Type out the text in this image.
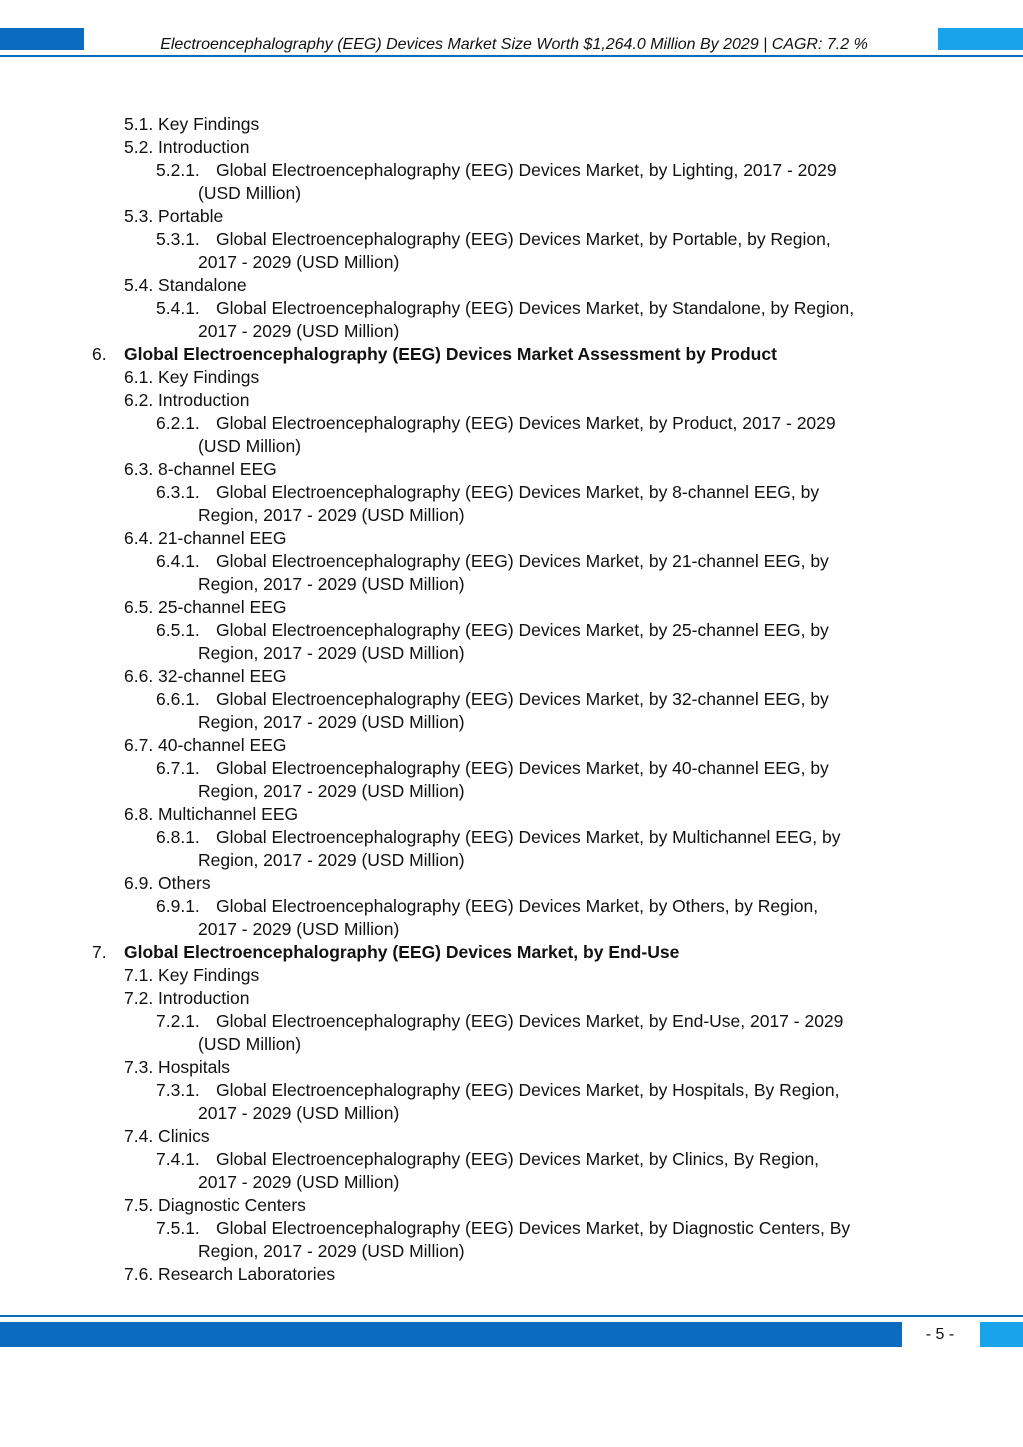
Electroencephalography (EEG) Devices Market Size Worth $1,264.0 Million By 2029 | CAGR: 7.2 %
5.1. Key Findings
5.2. Introduction
5.2.1. Global Electroencephalography (EEG) Devices Market, by Lighting, 2017 - 2029
(USD Million)
5.3. Portable
5.3.1. Global Electroencephalography (EEG) Devices Market, by Portable, by Region,
2017 - 2029 (USD Million)
5.4. Standalone
5.4.1. Global Electroencephalography (EEG) Devices Market, by Standalone, by Region,
2017 - 2029 (USD Million)
6. Global Electroencephalography (EEG) Devices Market Assessment by Product
6.1. Key Findings
6.2. Introduction
6.2.1. Global Electroencephalography (EEG) Devices Market, by Product, 2017 - 2029
(USD Million)
6.3. 8-channel EEG
6.3.1. Global Electroencephalography (EEG) Devices Market, by 8-channel EEG, by
Region, 2017 - 2029 (USD Million)
6.4. 21-channel EEG
6.4.1. Global Electroencephalography (EEG) Devices Market, by 21-channel EEG, by
Region, 2017 - 2029 (USD Million)
6.5. 25-channel EEG
6.5.1. Global Electroencephalography (EEG) Devices Market, by 25-channel EEG, by
Region, 2017 - 2029 (USD Million)
6.6. 32-channel EEG
6.6.1. Global Electroencephalography (EEG) Devices Market, by 32-channel EEG, by
Region, 2017 - 2029 (USD Million)
6.7. 40-channel EEG
6.7.1. Global Electroencephalography (EEG) Devices Market, by 40-channel EEG, by
Region, 2017 - 2029 (USD Million)
6.8. Multichannel EEG
6.8.1. Global Electroencephalography (EEG) Devices Market, by Multichannel EEG, by
Region, 2017 - 2029 (USD Million)
6.9. Others
6.9.1. Global Electroencephalography (EEG) Devices Market, by Others, by Region,
2017 - 2029 (USD Million)
7. Global Electroencephalography (EEG) Devices Market, by End-Use
7.1. Key Findings
7.2. Introduction
7.2.1. Global Electroencephalography (EEG) Devices Market, by End-Use, 2017 - 2029
(USD Million)
7.3. Hospitals
7.3.1. Global Electroencephalography (EEG) Devices Market, by Hospitals, By Region,
2017 - 2029 (USD Million)
7.4. Clinics
7.4.1. Global Electroencephalography (EEG) Devices Market, by Clinics, By Region,
2017 - 2029 (USD Million)
7.5. Diagnostic Centers
7.5.1. Global Electroencephalography (EEG) Devices Market, by Diagnostic Centers, By
Region, 2017 - 2029 (USD Million)
7.6. Research Laboratories
- 5 -
